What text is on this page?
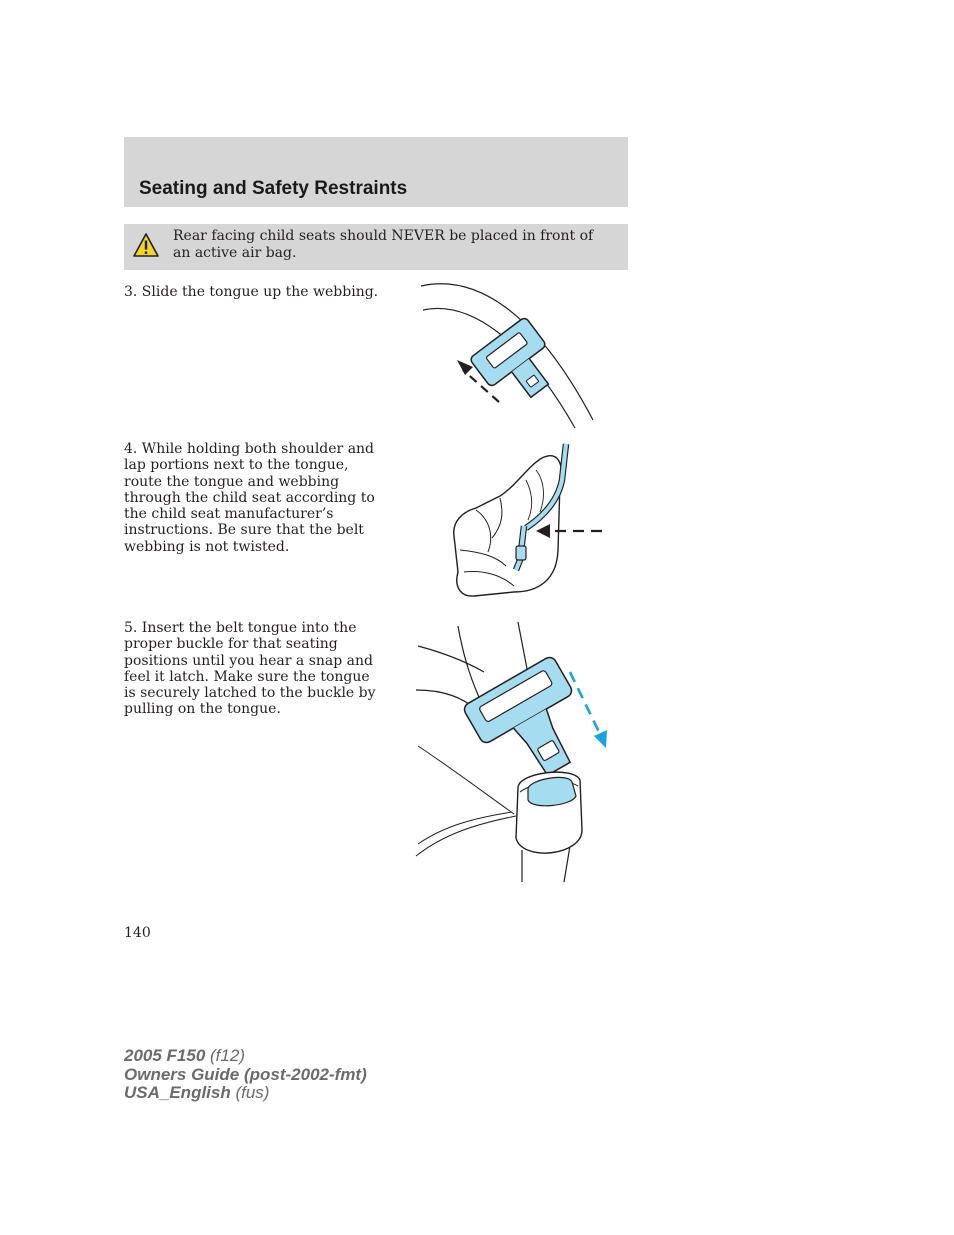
Seating and Safety Restraints
Rear facing child seats should NEVER be placed in front of an active air bag.
3. Slide the tongue up the webbing.
4. While holding both shoulder and lap portions next to the tongue, route the tongue and webbing through the child seat according to the child seat manufacturer’s instructions. Be sure that the belt webbing is not twisted.
5. Insert the belt tongue into the proper buckle for that seating positions until you hear a snap and feel it latch. Make sure the tongue is securely latched to the buckle by pulling on the tongue.
140
2005 F150 (f12)
Owners Guide (post-2002-fmt)
USA_English (fus)
